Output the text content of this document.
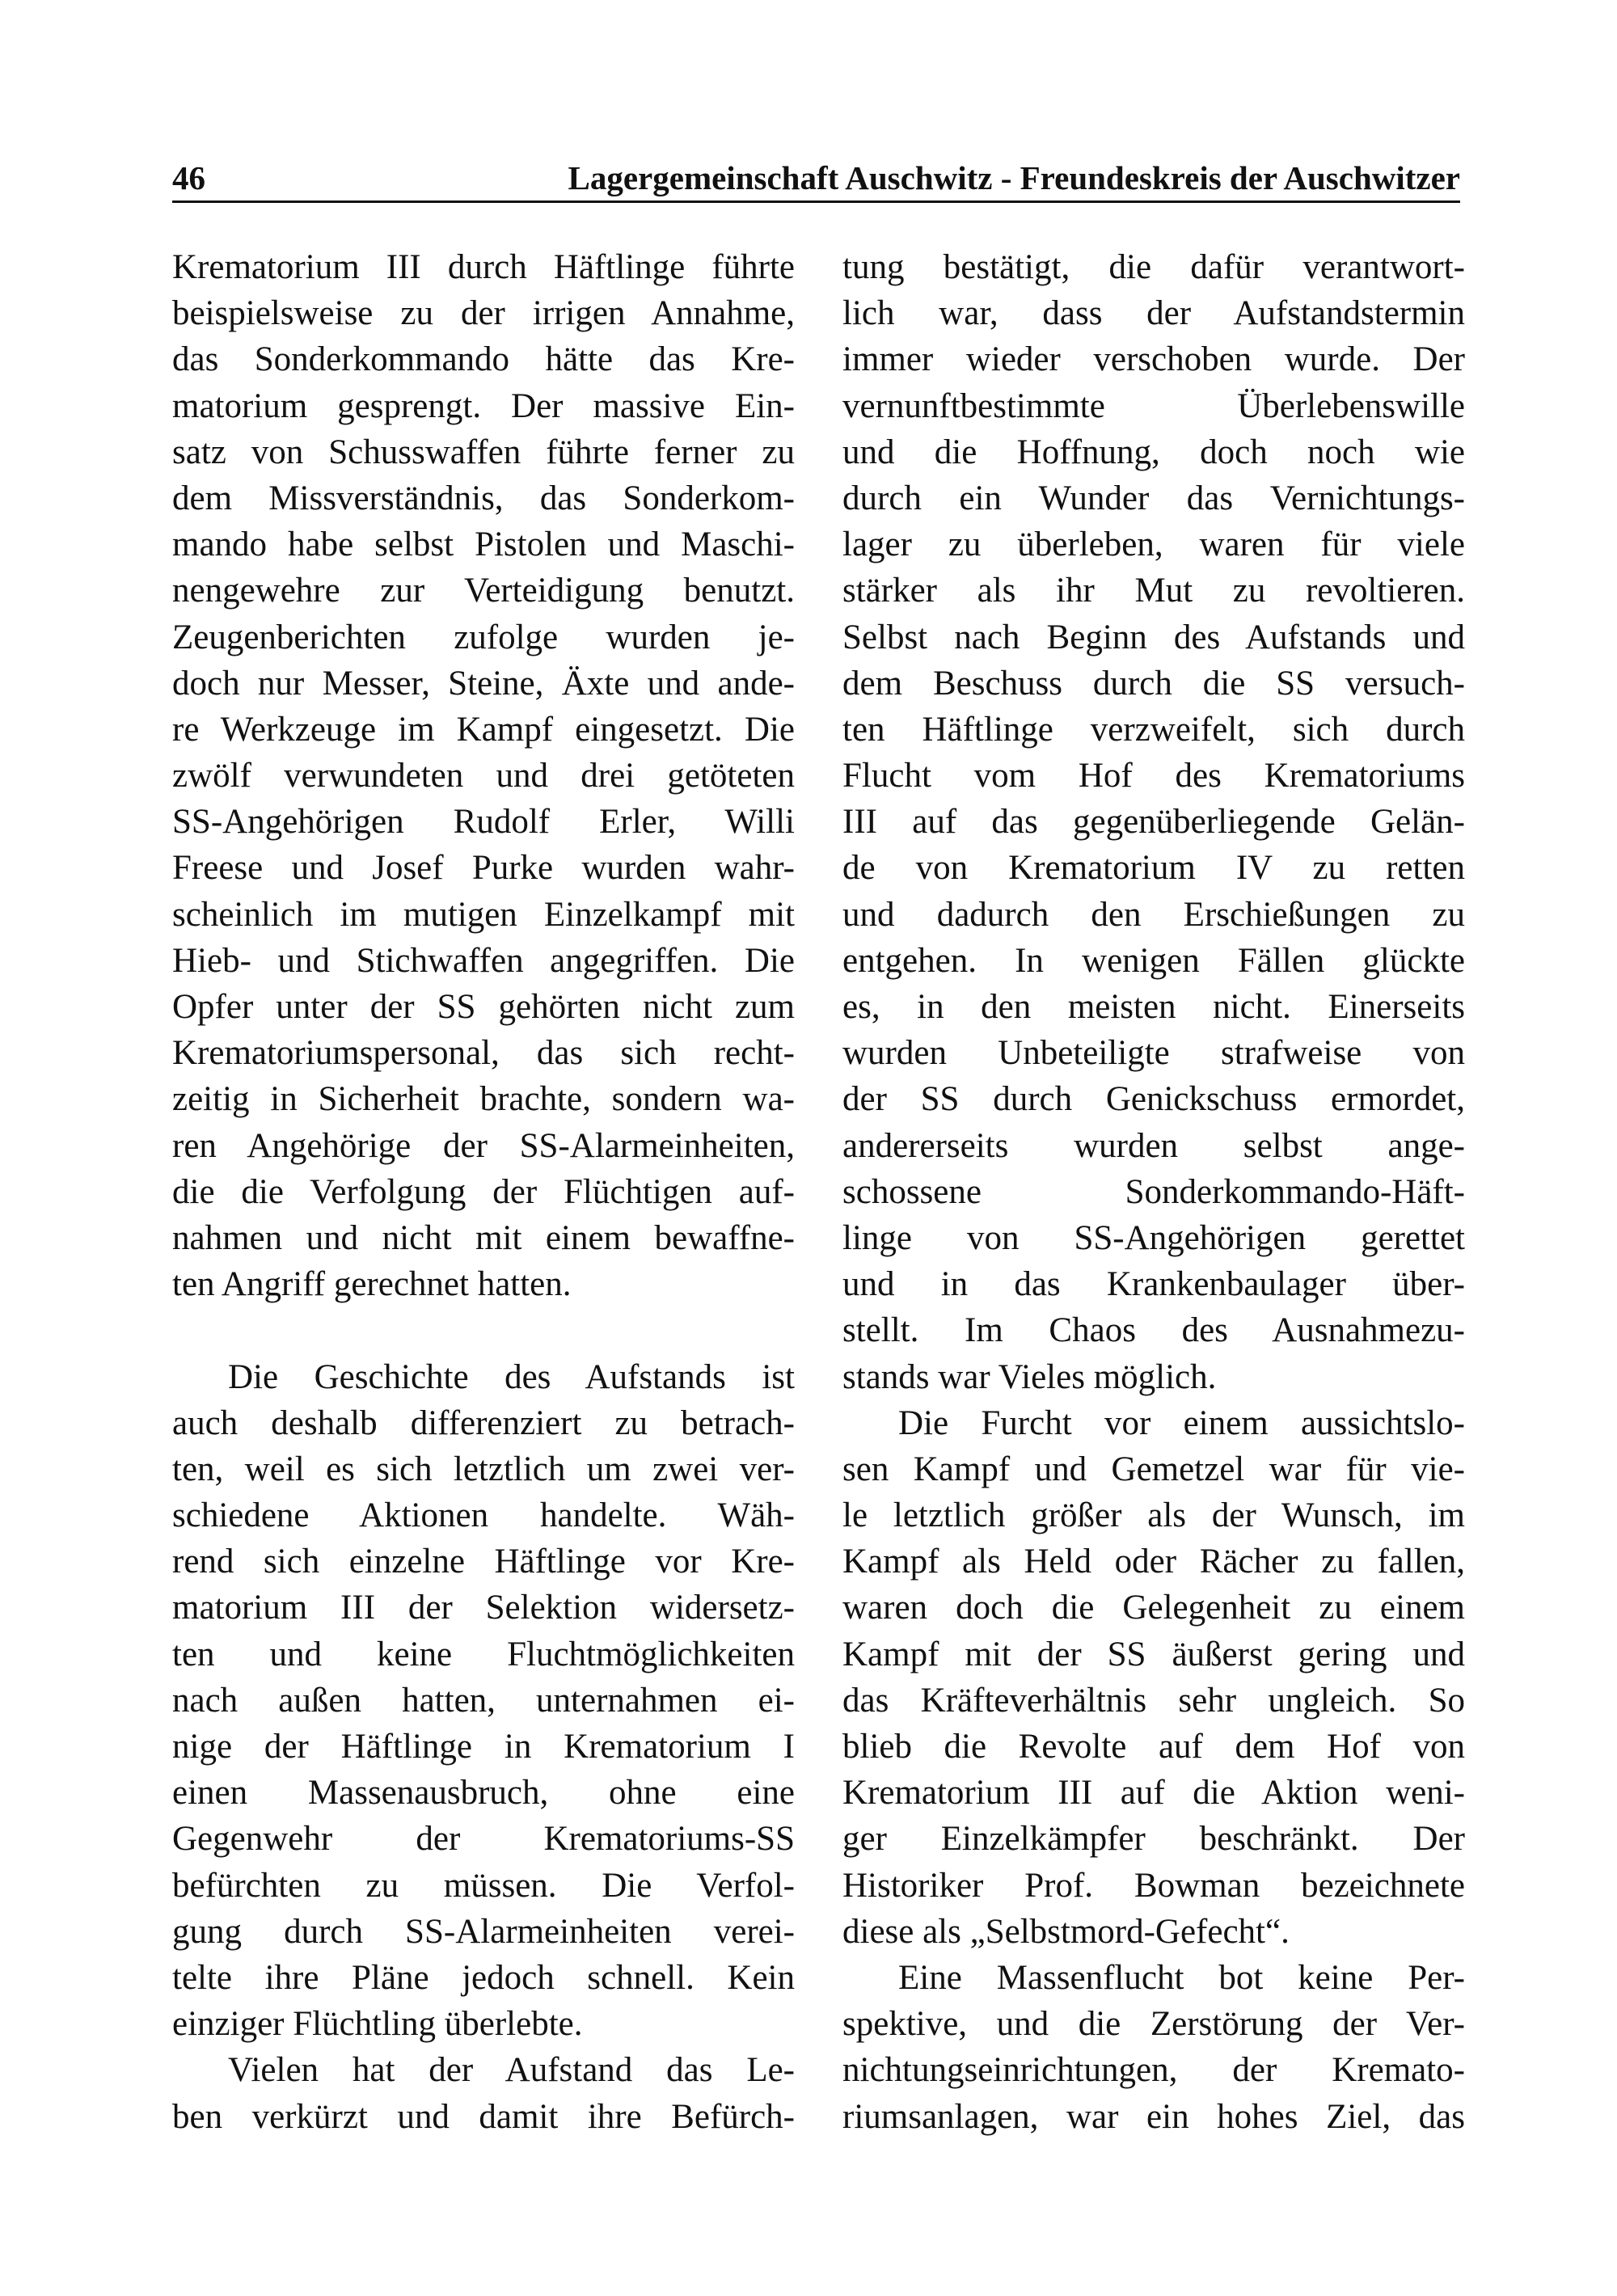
46	Lagergemeinschaft Auschwitz - Freundeskreis der Auschwitzer
Krematorium III durch Häftlinge führte
beispielsweise zu der irrigen Annahme,
das Sonderkommando hätte das Kre-
matorium gesprengt. Der massive Ein-
satz von Schusswaffen führte ferner zu
dem Missverständnis, das Sonderkom-
mando habe selbst Pistolen und Maschi-
nengewehre zur Verteidigung benutzt.
Zeugenberichten zufolge wurden je-
doch nur Messer, Steine, Äxte und ande-
re Werkzeuge im Kampf eingesetzt. Die
zwölf verwundeten und drei getöteten
SS-Angehörigen Rudolf Erler, Willi
Freese und Josef Purke wurden wahr-
scheinlich im mutigen Einzelkampf mit
Hieb- und Stichwaffen angegriffen. Die
Opfer unter der SS gehörten nicht zum
Krematoriumspersonal, das sich recht-
zeitig in Sicherheit brachte, sondern wa-
ren Angehörige der SS-Alarmeinheiten,
die die Verfolgung der Flüchtigen auf-
nahmen und nicht mit einem bewaffne-
ten Angriff gerechnet hatten.
Die Geschichte des Aufstands ist
auch deshalb differenziert zu betrach-
ten, weil es sich letztlich um zwei ver-
schiedene Aktionen handelte. Wäh-
rend sich einzelne Häftlinge vor Kre-
matorium III der Selektion widersetz-
ten und keine Fluchtmöglichkeiten
nach außen hatten, unternahmen ei-
nige der Häftlinge in Krematorium I
einen Massenausbruch, ohne eine
Gegenwehr der Krematoriums-SS
befürchten zu müssen. Die Verfol-
gung durch SS-Alarmeinheiten verei-
telte ihre Pläne jedoch schnell. Kein
einziger Flüchtling überlebte.
Vielen hat der Aufstand das Le-
ben verkürzt und damit ihre Befürch-
tung bestätigt, die dafür verantwort-
lich war, dass der Aufstandstermin
immer wieder verschoben wurde. Der
vernunftbestimmte Überlebenswille
und die Hoffnung, doch noch wie
durch ein Wunder das Vernichtungs-
lager zu überleben, waren für viele
stärker als ihr Mut zu revoltieren.
Selbst nach Beginn des Aufstands und
dem Beschuss durch die SS versuch-
ten Häftlinge verzweifelt, sich durch
Flucht vom Hof des Krematoriums
III auf das gegenüberliegende Gelän-
de von Krematorium IV zu retten
und dadurch den Erschießungen zu
entgehen. In wenigen Fällen glückte
es, in den meisten nicht. Einerseits
wurden Unbeteiligte strafweise von
der SS durch Genickschuss ermordet,
andererseits wurden selbst ange-
schossene Sonderkommando-Häft-
linge von SS-Angehörigen gerettet
und in das Krankenbaulager über-
stellt. Im Chaos des Ausnahmezu-
stands war Vieles möglich.
Die Furcht vor einem aussichtslo-
sen Kampf und Gemetzel war für vie-
le letztlich größer als der Wunsch, im
Kampf als Held oder Rächer zu fallen,
waren doch die Gelegenheit zu einem
Kampf mit der SS äußerst gering und
das Kräfteverhältnis sehr ungleich. So
blieb die Revolte auf dem Hof von
Krematorium III auf die Aktion weni-
ger Einzelkämpfer beschränkt. Der
Historiker Prof. Bowman bezeichnete
diese als „Selbstmord-Gefecht“.
Eine Massenflucht bot keine Per-
spektive, und die Zerstörung der Ver-
nichtungseinrichtungen, der Kremato-
riumsanlagen, war ein hohes Ziel, das
